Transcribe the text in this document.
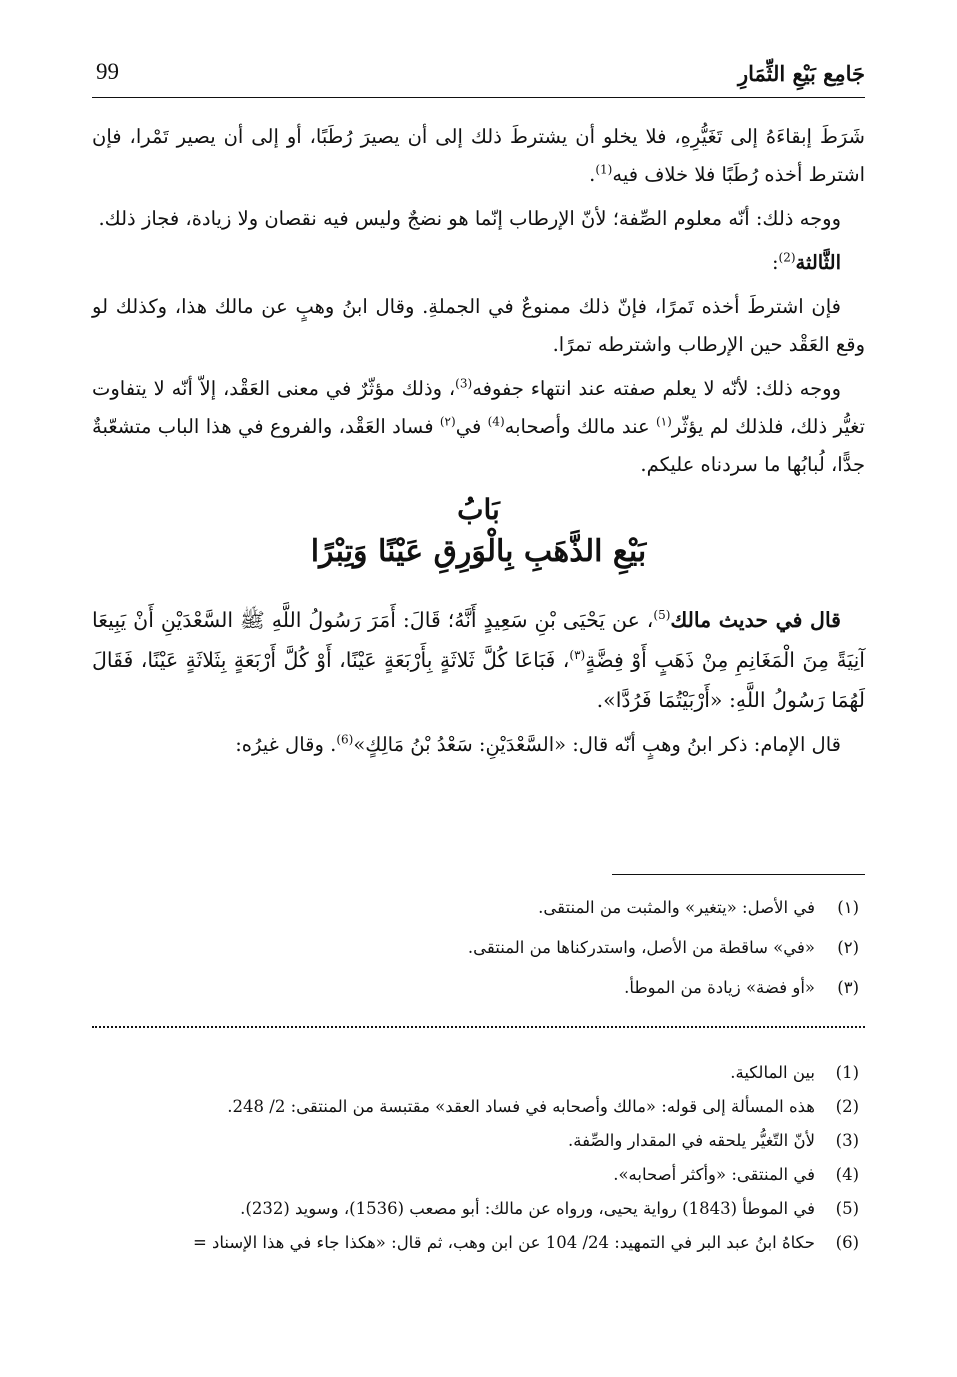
جَامِع بَيْعِ الثِّمَارِ
99

شَرَطَ إبقاءَهُ إلى تَغَيُّرِهِ، فلا يخلو أن يشترطَ ذلك إلى أن يصيرَ رُطَبًا، أو إلى أن يصير تَمْرا، فإن اشترط أخذه رُطَبًا فلا خلاف فيه$^{(1)}$.

ووجه ذلك: أنّه معلوم الصِّفة؛ لأنّ الإرطاب إنّما هو نضجٌ وليس فيه نقصان ولا زيادة، فجاز ذلك.

الثَّالثة$^{(2)}$:

فإن اشترطَ أخذه تَمرًا، فإنّ ذلك ممنوعٌ في الجملةِ. وقال ابنُ وهبٍ عن مالك هذا، وكذلك لو وقع العَقْد حين الإرطاب واشترطه تمرًا.

ووجه ذلك: لأنّه لا يعلم صفته عند انتهاء جفوفه$^{(3)}$، وذلك مؤثّرٌ في معنى العَقْد، إلاّ أنّه لا يتفاوت تغيُّر ذلك، فلذلك لم يؤثّر$^{(١)}$ عند مالك وأصحابه$^{(4)}$ في$^{(٢)}$ فساد العَقْد، والفروع في هذا الباب متشعّبةٌ جدًّا، لُبابُها ما سردناه عليكم.

بَابُ
بَيْعِ الذَّهَبِ بِالْوَرِقِ عَيْنًا وَتِبْرًا

قال في حديث مالك$^{(5)}$، عن يَحْيَى بْنِ سَعِيدٍ أَنَّهُ؛ قَالَ: أَمَرَ رَسُولُ اللَّهِ ﷺ السَّعْدَيْنِ أَنْ يَبِيعَا آنِيَةً مِنَ الْمَغَانِمِ مِنْ ذَهَبٍ أَوْ فِضَّةٍ$^{(٣)}$، فَبَاعَا كُلَّ ثَلاثَةٍ بِأَرْبَعَةٍ عَيْنًا، أَوْ كُلَّ أَرْبَعَةٍ بِثَلاثَةٍ عَيْنًا، فَقَالَ لَهُمَا رَسُولُ اللَّهِ: «أَرْبَيْتُمَا فَرُدَّا».

قال الإمام: ذكر ابنُ وهبٍ أنّه قال: «السَّعْدَيْنِ: سَعْدُ بْنُ مَالِكٍ»$^{(6)}$. وقال غيرُه:

(١)
في الأصل: «يتغير» والمثبت من المنتقى.
(٢)
«في» ساقطة من الأصل، واستدركناها من المنتقى.
(٣)
«أو فضة» زيادة من الموطأ.
(1)
بين المالكية.
(2)
هذه المسألة إلى قوله: «مالك وأصحابه في فساد العقد» مقتبسة من المنتقى: 2/ 248.
(3)
لأنّ التّغيُّر يلحقه في المقدار والصِّفة.
(4)
في المنتقى: «وأكثر أصحابه».
(5)
في الموطأ (1843) رواية يحيى، ورواه عن مالك: أبو مصعب (1536)، وسويد (232).
(6)
حكاهُ ابنُ عبد البر في التمهيد: 24/ 104 عن ابن وهب، ثم قال: «هكذا جاء في هذا الإسناد =
